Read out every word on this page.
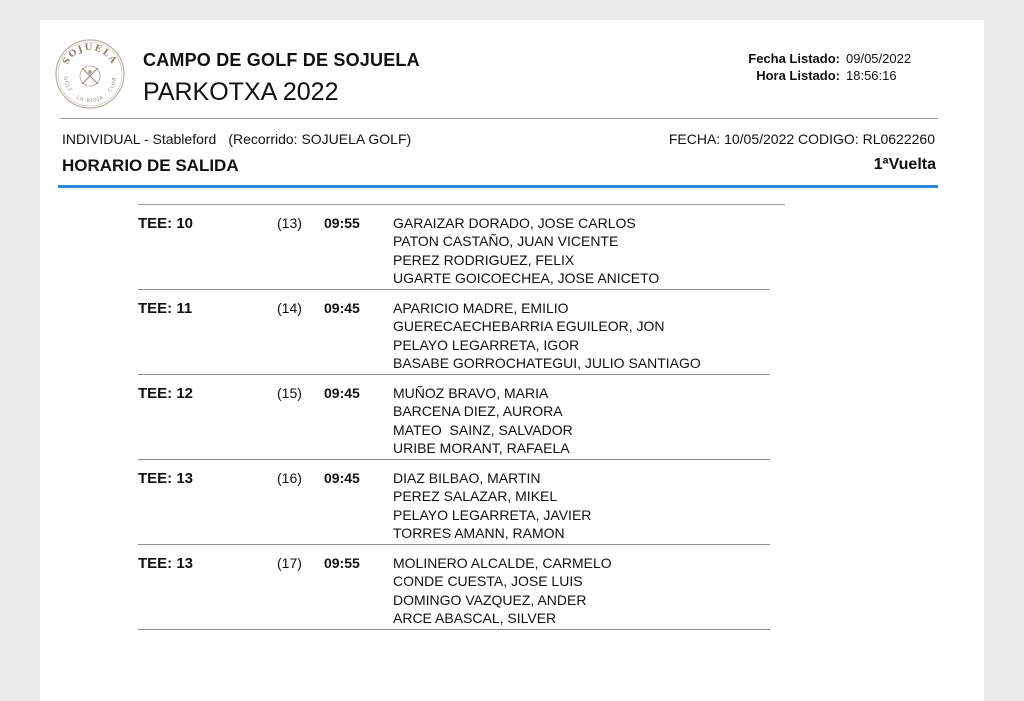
SOJUELA
GOLF · LA RIOJA · CLUB
CAMPO DE GOLF DE SOJUELA
PARKOTXA 2022
Fecha Listado: 09/05/2022
Hora Listado: 18:56:16
INDIVIDUAL - Stableford (Recorrido: SOJUELA GOLF)	FECHA: 10/05/2022 CODIGO: RL0622260
HORARIO DE SALIDA	1ªVuelta
TEE: 10	(13) 09:55 GARAIZAR DORADO, JOSE CARLOS
PATON CASTAÑO, JUAN VICENTE
PEREZ RODRIGUEZ, FELIX
UGARTE GOICOECHEA, JOSE ANICETO
TEE: 11	(14) 09:45 APARICIO MADRE, EMILIO
GUERECAECHEBARRIA EGUILEOR, JON
PELAYO LEGARRETA, IGOR
BASABE GORROCHATEGUI, JULIO SANTIAGO
TEE: 12	(15) 09:45 MUÑOZ BRAVO, MARIA
BARCENA DIEZ, AURORA
MATEO  SAINZ, SALVADOR
URIBE MORANT, RAFAELA
TEE: 13	(16) 09:45 DIAZ BILBAO, MARTIN
PEREZ SALAZAR, MIKEL
PELAYO LEGARRETA, JAVIER
TORRES AMANN, RAMON
TEE: 13	(17) 09:55 MOLINERO ALCALDE, CARMELO
CONDE CUESTA, JOSE LUIS
DOMINGO VAZQUEZ, ANDER
ARCE ABASCAL, SILVER
